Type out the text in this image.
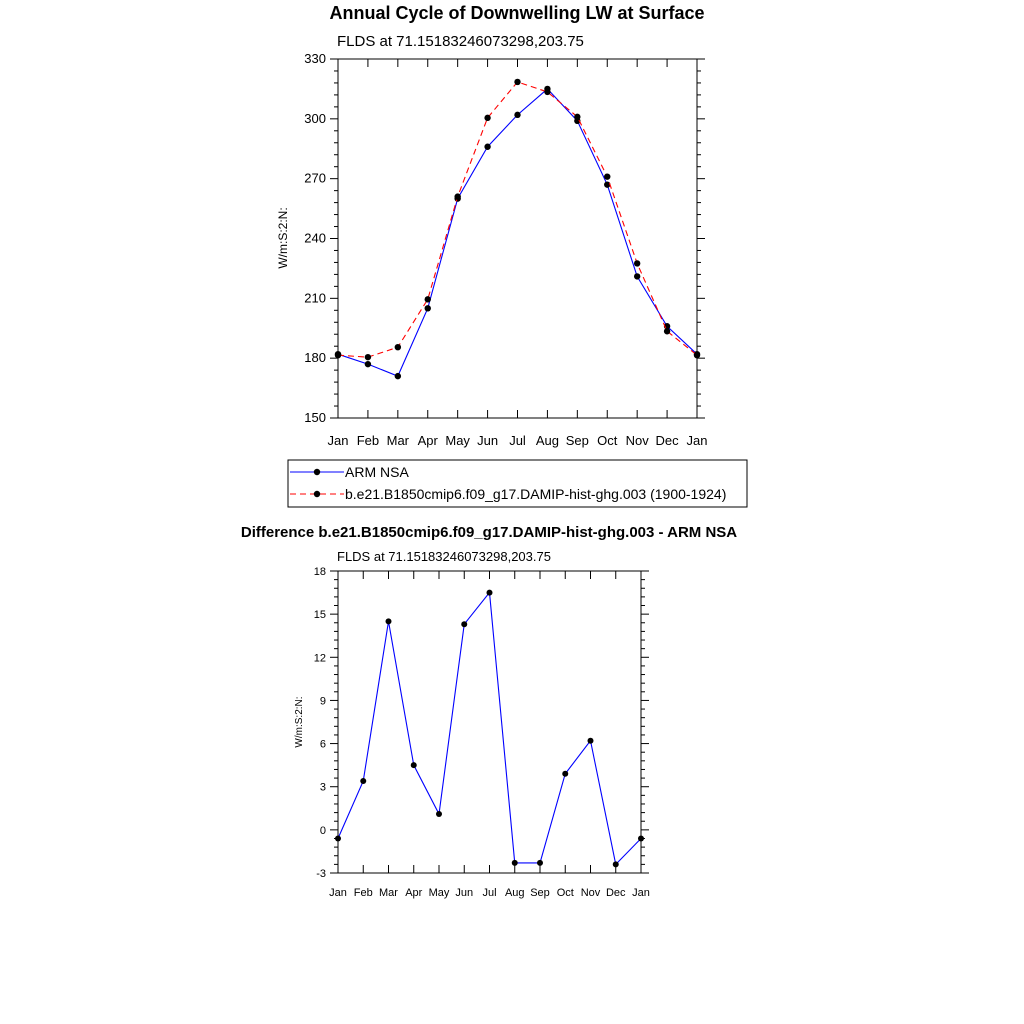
Annual Cycle of Downwelling LW at Surface
FLDS at 71.15183246073298,203.75
W/m:S:2:N:
Difference b.e21.B1850cmip6.f09_g17.DAMIP-hist-ghg.003 - ARM NSA
FLDS at 71.15183246073298,203.75
W/m:S:2:N:
150
180
210
240
270
300
330
Jan Feb Mar Apr May Jun Jul Aug Sep Oct Nov Dec Jan
ARM NSA
b.e21.B1850cmip6.f09_g17.DAMIP-hist-ghg.003 (1900-1924)
-3
0
3
6
9
12
15
18
Jan Feb Mar Apr May Jun Jul Aug Sep Oct Nov Dec Jan
